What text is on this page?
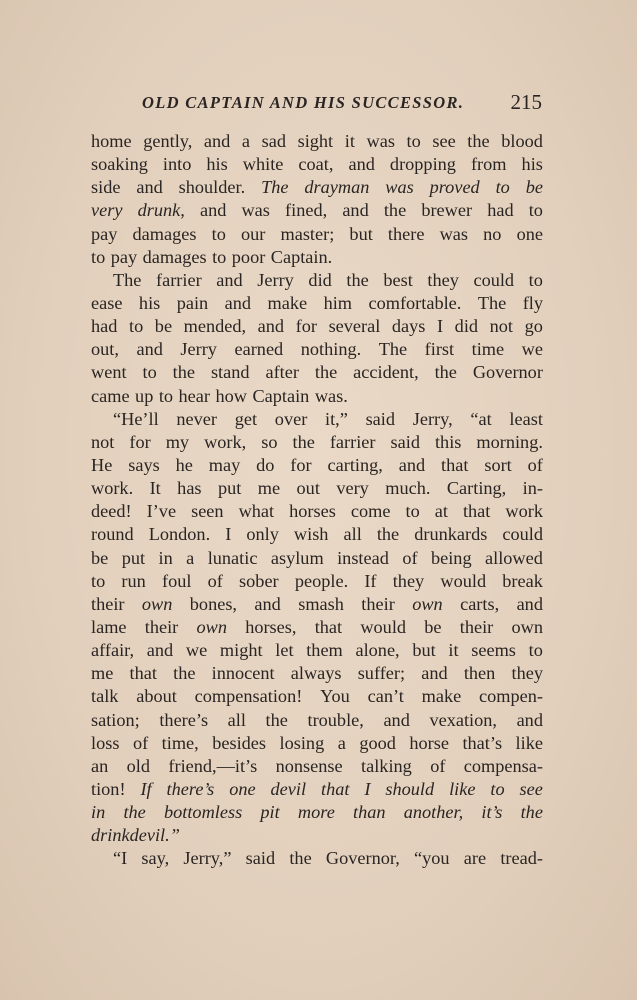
OLD CAPTAIN AND HIS SUCCESSOR. 215
home gently, and a sad sight it was to see the blood
soaking into his white coat, and dropping from his
side and shoulder. The drayman was proved to be
very drunk, and was fined, and the brewer had to
pay damages to our master; but there was no one
to pay damages to poor Captain.
The farrier and Jerry did the best they could to
ease his pain and make him comfortable. The fly
had to be mended, and for several days I did not go
out, and Jerry earned nothing. The first time we
went to the stand after the accident, the Governor
came up to hear how Captain was.
“He’ll never get over it,” said Jerry, “at least
not for my work, so the farrier said this morning.
He says he may do for carting, and that sort of
work. It has put me out very much. Carting, in-
deed! I’ve seen what horses come to at that work
round London. I only wish all the drunkards could
be put in a lunatic asylum instead of being allowed
to run foul of sober people. If they would break
their own bones, and smash their own carts, and
lame their own horses, that would be their own
affair, and we might let them alone, but it seems to
me that the innocent always suffer; and then they
talk about compensation! You can’t make compen-
sation; there’s all the trouble, and vexation, and
loss of time, besides losing a good horse that’s like
an old friend,—it’s nonsense talking of compensa-
tion! If there’s one devil that I should like to see
in the bottomless pit more than another, it’s the
drink devil.”
“I say, Jerry,” said the Governor, “you are tread-
